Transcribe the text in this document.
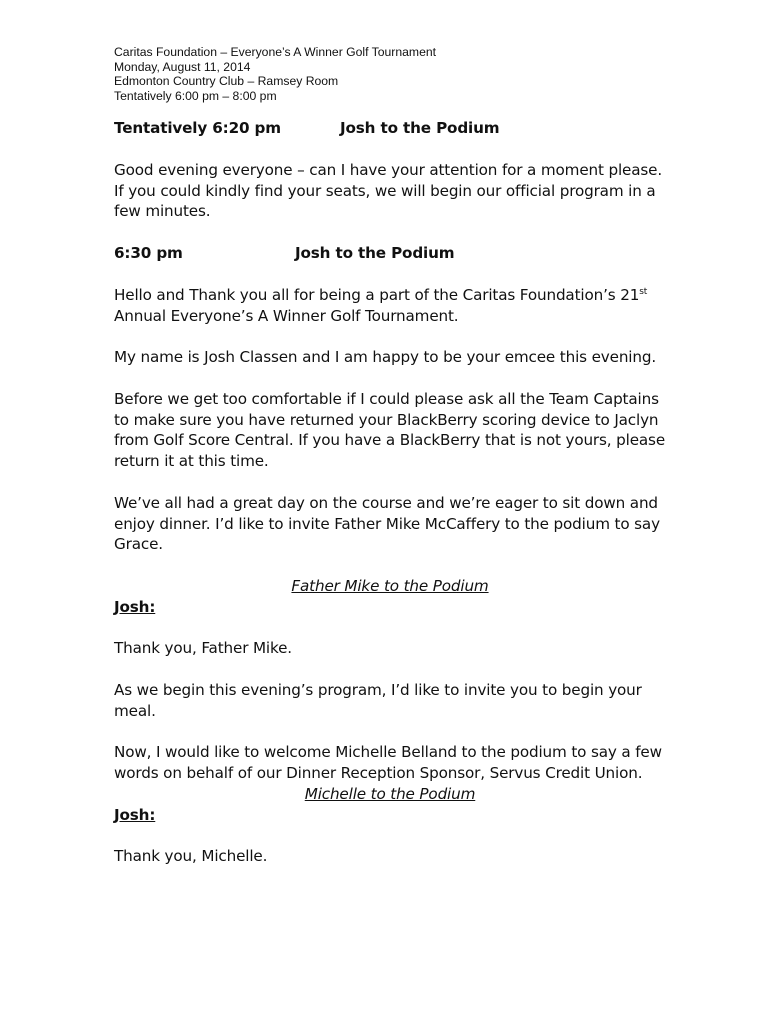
Caritas Foundation – Everyone’s A Winner Golf Tournament
Monday, August 11, 2014
Edmonton Country Club – Ramsey Room
Tentatively 6:00 pm – 8:00 pm
Tentatively 6:20 pm	Josh to the Podium

Good evening everyone – can I have your attention for a moment please. If you could kindly find your seats, we will begin our official program in a few minutes.

6:30 pm	Josh to the Podium

Hello and Thank you all for being a part of the Caritas Foundation’s 21st Annual Everyone’s A Winner Golf Tournament.

My name is Josh Classen and I am happy to be your emcee this evening.

Before we get too comfortable if I could please ask all the Team Captains to make sure you have returned your BlackBerry scoring device to Jaclyn from Golf Score Central. If you have a BlackBerry that is not yours, please return it at this time.

We’ve all had a great day on the course and we’re eager to sit down and enjoy dinner. I’d like to invite Father Mike McCaffery to the podium to say Grace.

Father Mike to the Podium

Josh:

Thank you, Father Mike.

As we begin this evening’s program, I’d like to invite you to begin your meal.

Now, I would like to welcome Michelle Belland to the podium to say a few words on behalf of our Dinner Reception Sponsor, Servus Credit Union.

Michelle to the Podium

Josh:

Thank you, Michelle.
